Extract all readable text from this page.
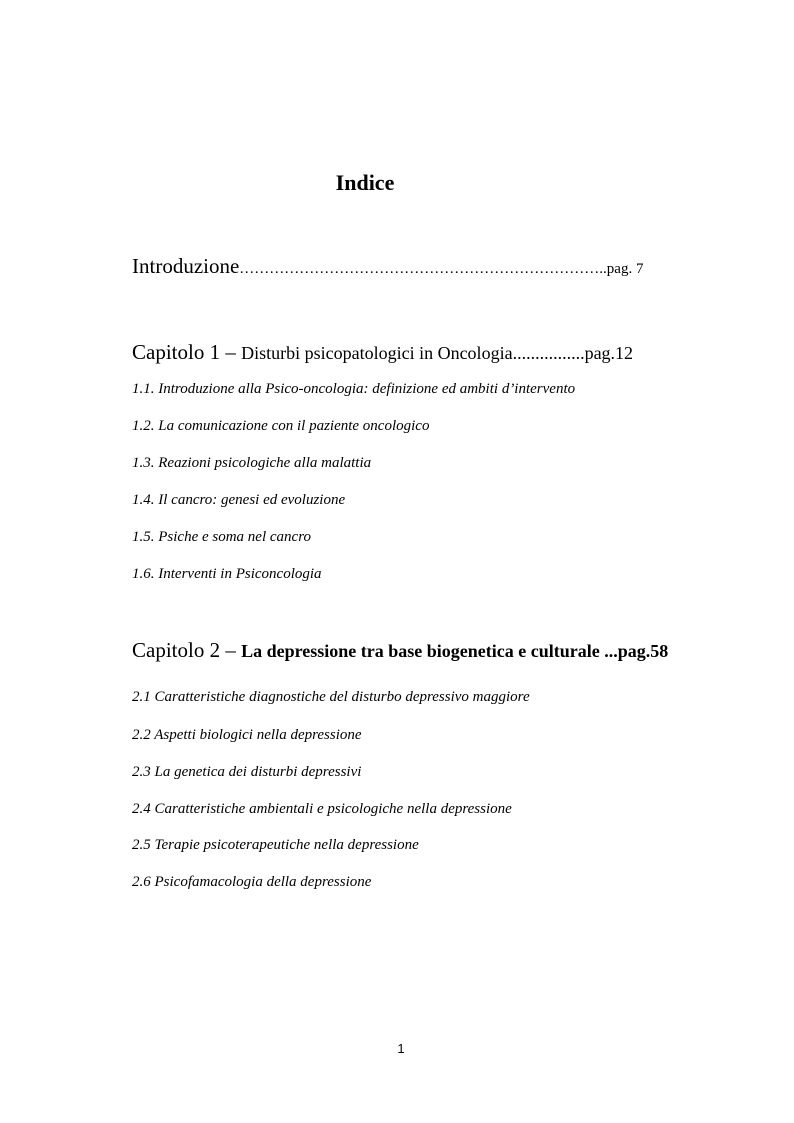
Indice
Introduzione………………………………………………………………..pag. 7
Capitolo 1 – Disturbi psicopatologici in Oncologia................pag.12
1.1. Introduzione alla Psico-oncologia: definizione ed ambiti d’intervento
1.2. La comunicazione con il paziente oncologico
1.3. Reazioni psicologiche alla malattia
1.4. Il cancro: genesi ed evoluzione
1.5. Psiche e soma nel cancro
1.6. Interventi in Psiconcologia
Capitolo 2 – La depressione tra base biogenetica e culturale ...pag.58
2.1 Caratteristiche diagnostiche del disturbo depressivo maggiore
2.2 Aspetti biologici nella depressione
2.3 La genetica dei disturbi depressivi
2.4 Caratteristiche ambientali e psicologiche nella depressione
2.5 Terapie psicoterapeutiche nella depressione
2.6 Psicofamacologia della depressione
1
